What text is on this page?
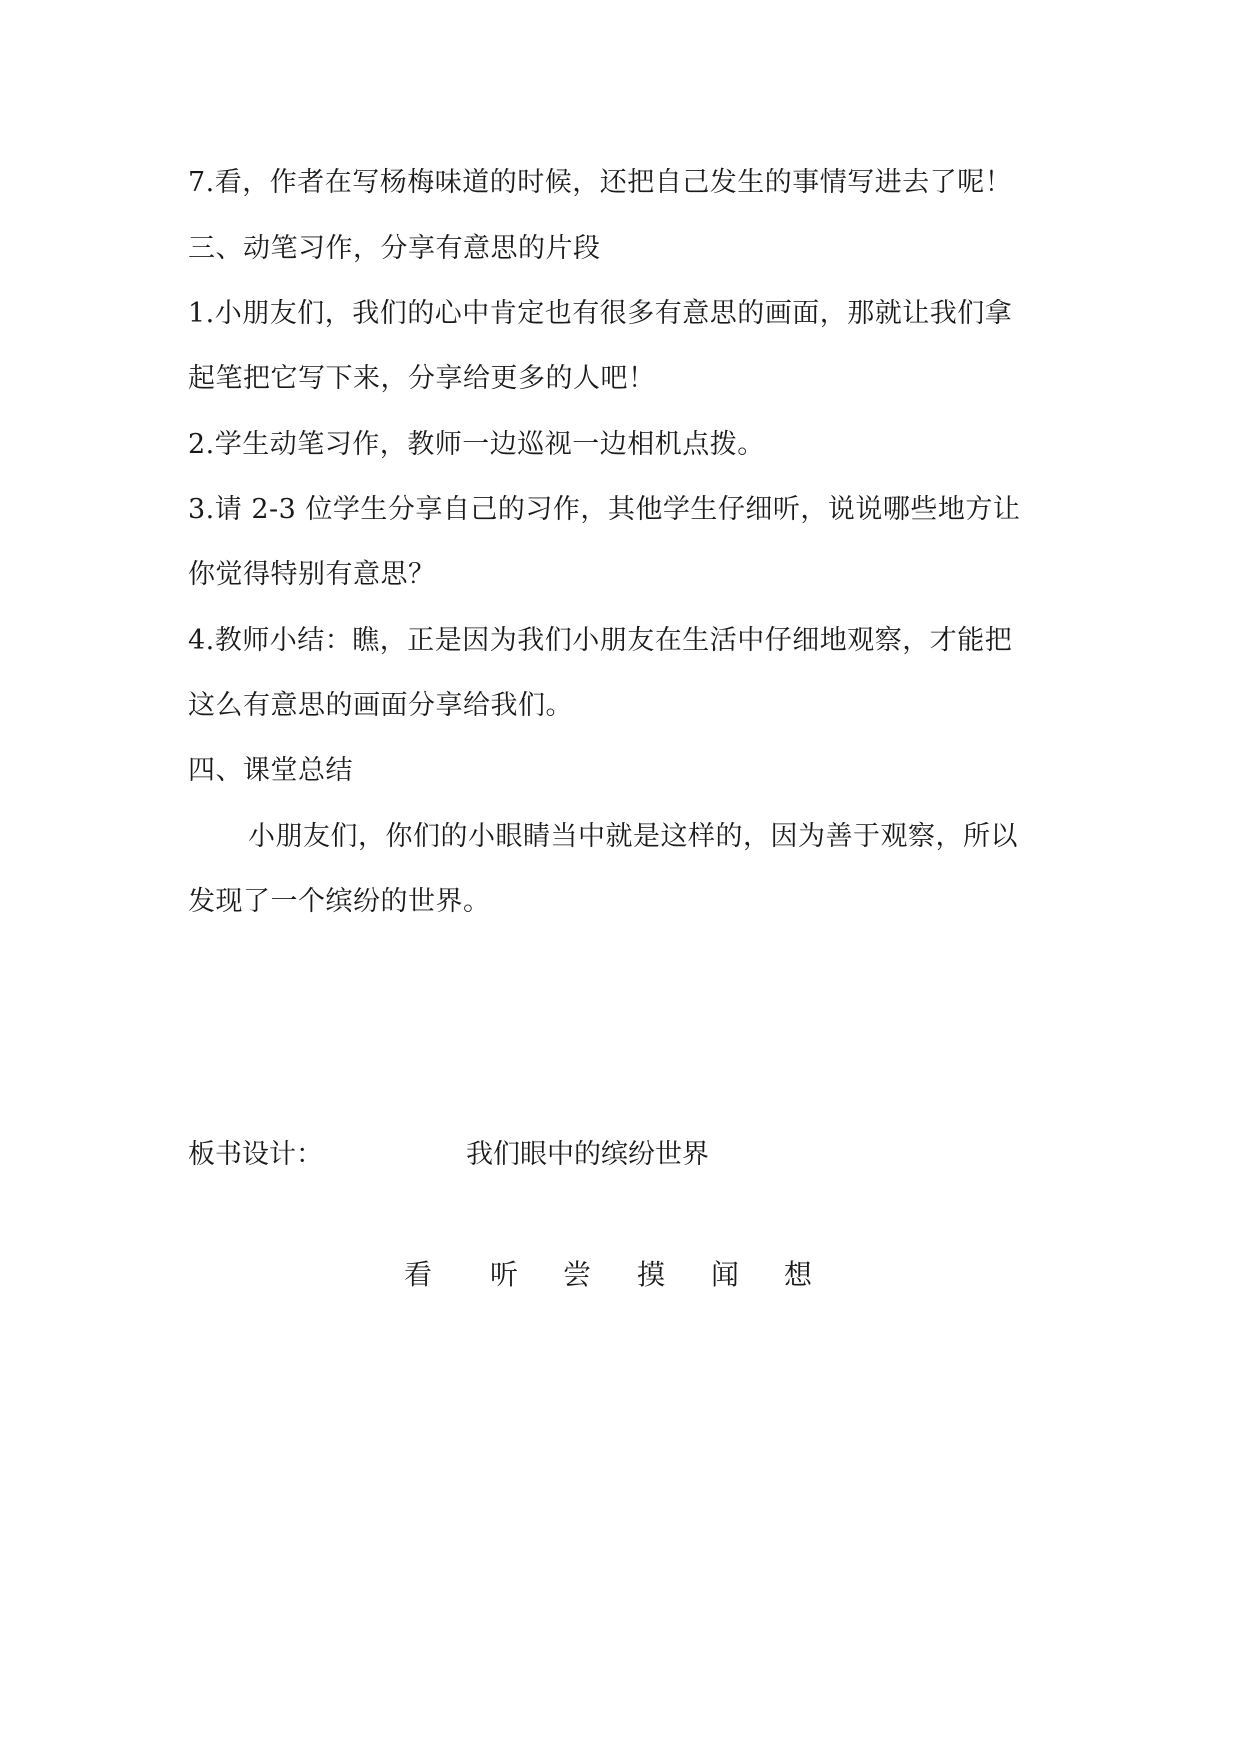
7.看，作者在写杨梅味道的时候，还把自己发生的事情写进去了呢！
三、动笔习作，分享有意思的片段
1.小朋友们，我们的心中肯定也有很多有意思的画面，那就让我们拿
起笔把它写下来，分享给更多的人吧！
2.学生动笔习作，教师一边巡视一边相机点拨。
3.请 2-3 位学生分享自己的习作，其他学生仔细听，说说哪些地方让
你觉得特别有意思？
4.教师小结：瞧，正是因为我们小朋友在生活中仔细地观察，才能把
这么有意思的画面分享给我们。
四、课堂总结
小朋友们，你们的小眼睛当中就是这样的，因为善于观察，所以
发现了一个缤纷的世界。
板书设计：	我们眼中的缤纷世界
看 听 尝 摸 闻 想
